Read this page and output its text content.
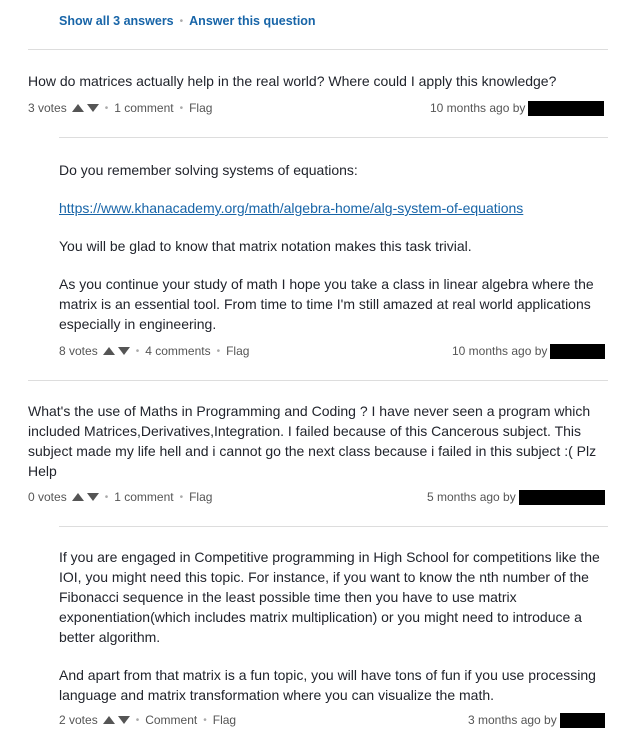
Show all 3 answers • Answer this question
How do matrices actually help in the real world? Where could I apply this knowledge?
3 votes	• 1 comment • Flag	10 months ago by

Do you remember solving systems of equations:

https://www.khanacademy.org/math/algebra-home/alg-system-of-equations

You will be glad to know that matrix notation makes this task trivial.

As you continue your study of math I hope you take a class in linear algebra where the matrix is an essential tool. From time to time I'm still amazed at real world applications especially in engineering.

8 votes	• 4 comments • Flag	10 months ago by
What's the use of Maths in Programming and Coding ? I have never seen a program which included Matrices,Derivatives,Integration. I failed because of this Cancerous subject. This subject made my life hell and i cannot go the next class because i failed in this subject :( Plz Help
0 votes	• 1 comment • Flag	5 months ago by

If you are engaged in Competitive programming in High School for competitions like the IOI, you might need this topic. For instance, if you want to know the nth number of the Fibonacci sequence in the least possible time then you have to use matrix exponentiation(which includes matrix multiplication) or you might need to introduce a better algorithm.

And apart from that matrix is a fun topic, you will have tons of fun if you use processing language and matrix transformation where you can visualize the math.

2 votes	• Comment • Flag	3 months ago by
